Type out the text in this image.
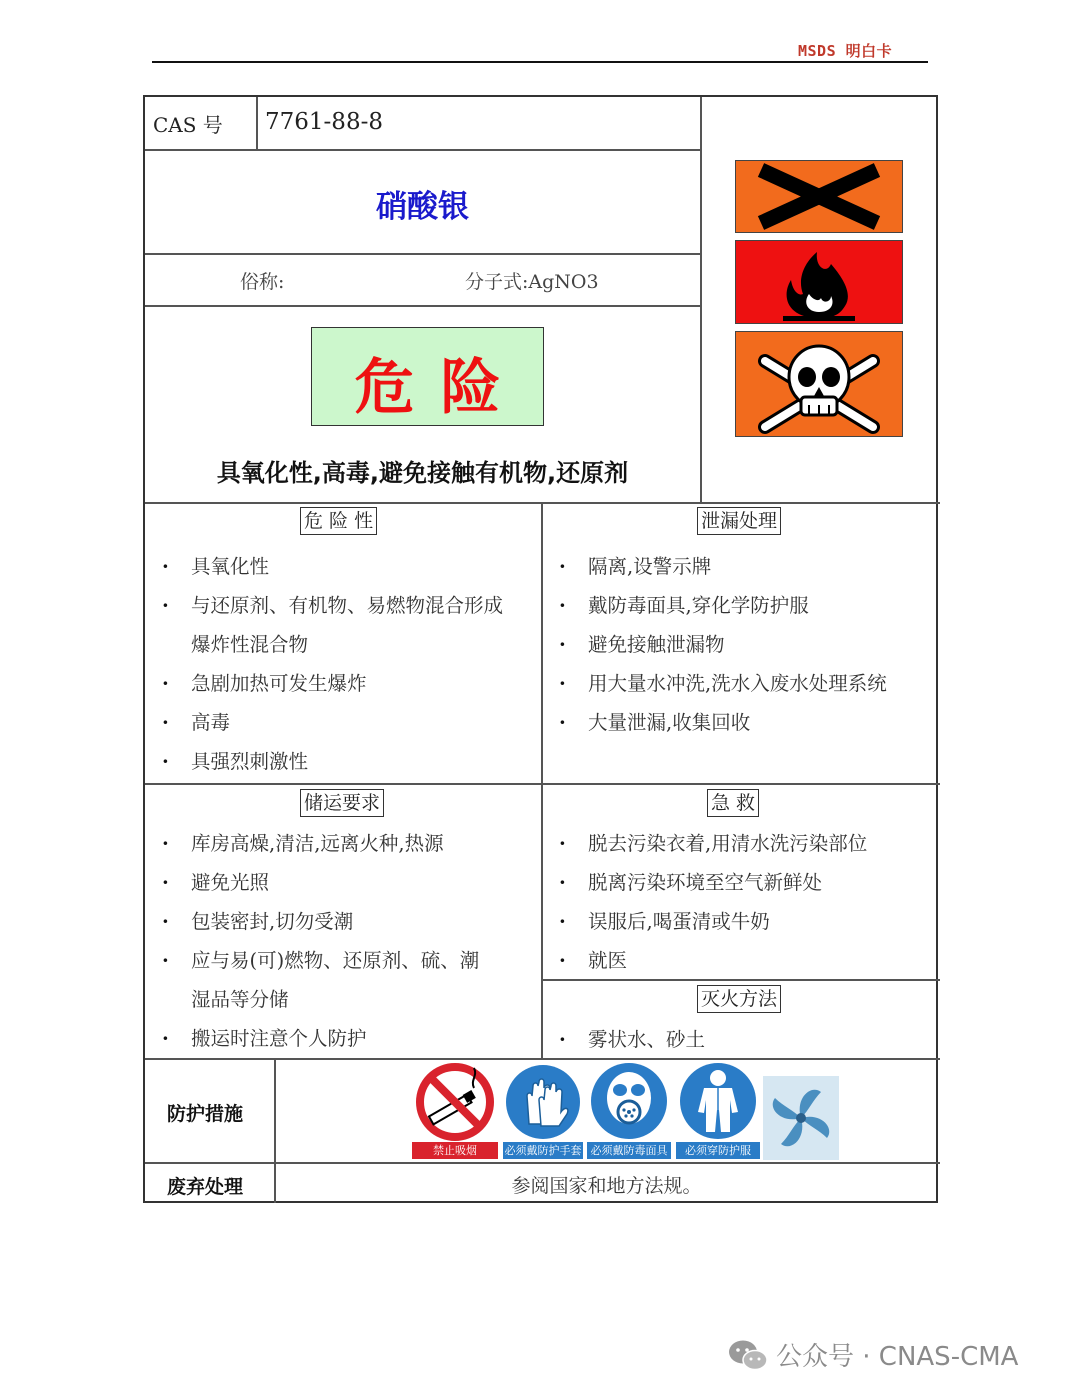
MSDS 明白卡
CAS 号 7761-88-8
硝酸银
俗称:	分子式:AgNO3
危险
具氧化性,高毒,避免接触有机物,还原剂
危 险 性
· 具氧化性
· 与还原剂、有机物、易燃物混合形成
爆炸性混合物
· 急剧加热可发生爆炸
· 高毒
· 具强烈刺激性
泄漏处理
· 隔离,设警示牌
· 戴防毒面具,穿化学防护服
· 避免接触泄漏物
· 用大量水冲洗,洗水入废水处理系统
· 大量泄漏,收集回收
储运要求
· 库房高燥,清洁,远离火种,热源
· 避免光照
· 包装密封,切勿受潮
· 应与易(可)燃物、还原剂、硫、潮
湿品等分储
· 搬运时注意个人防护
急 救
· 脱去污染衣着,用清水洗污染部位
· 脱离污染环境至空气新鲜处
· 误服后,喝蛋清或牛奶
· 就医
灭火方法
· 雾状水、砂土
防护措施
废弃处理	参阅国家和地方法规。
禁止吸烟	必须戴防护手套 必须戴防毒面具	必须穿防护服
公众号 · CNAS-CMA
